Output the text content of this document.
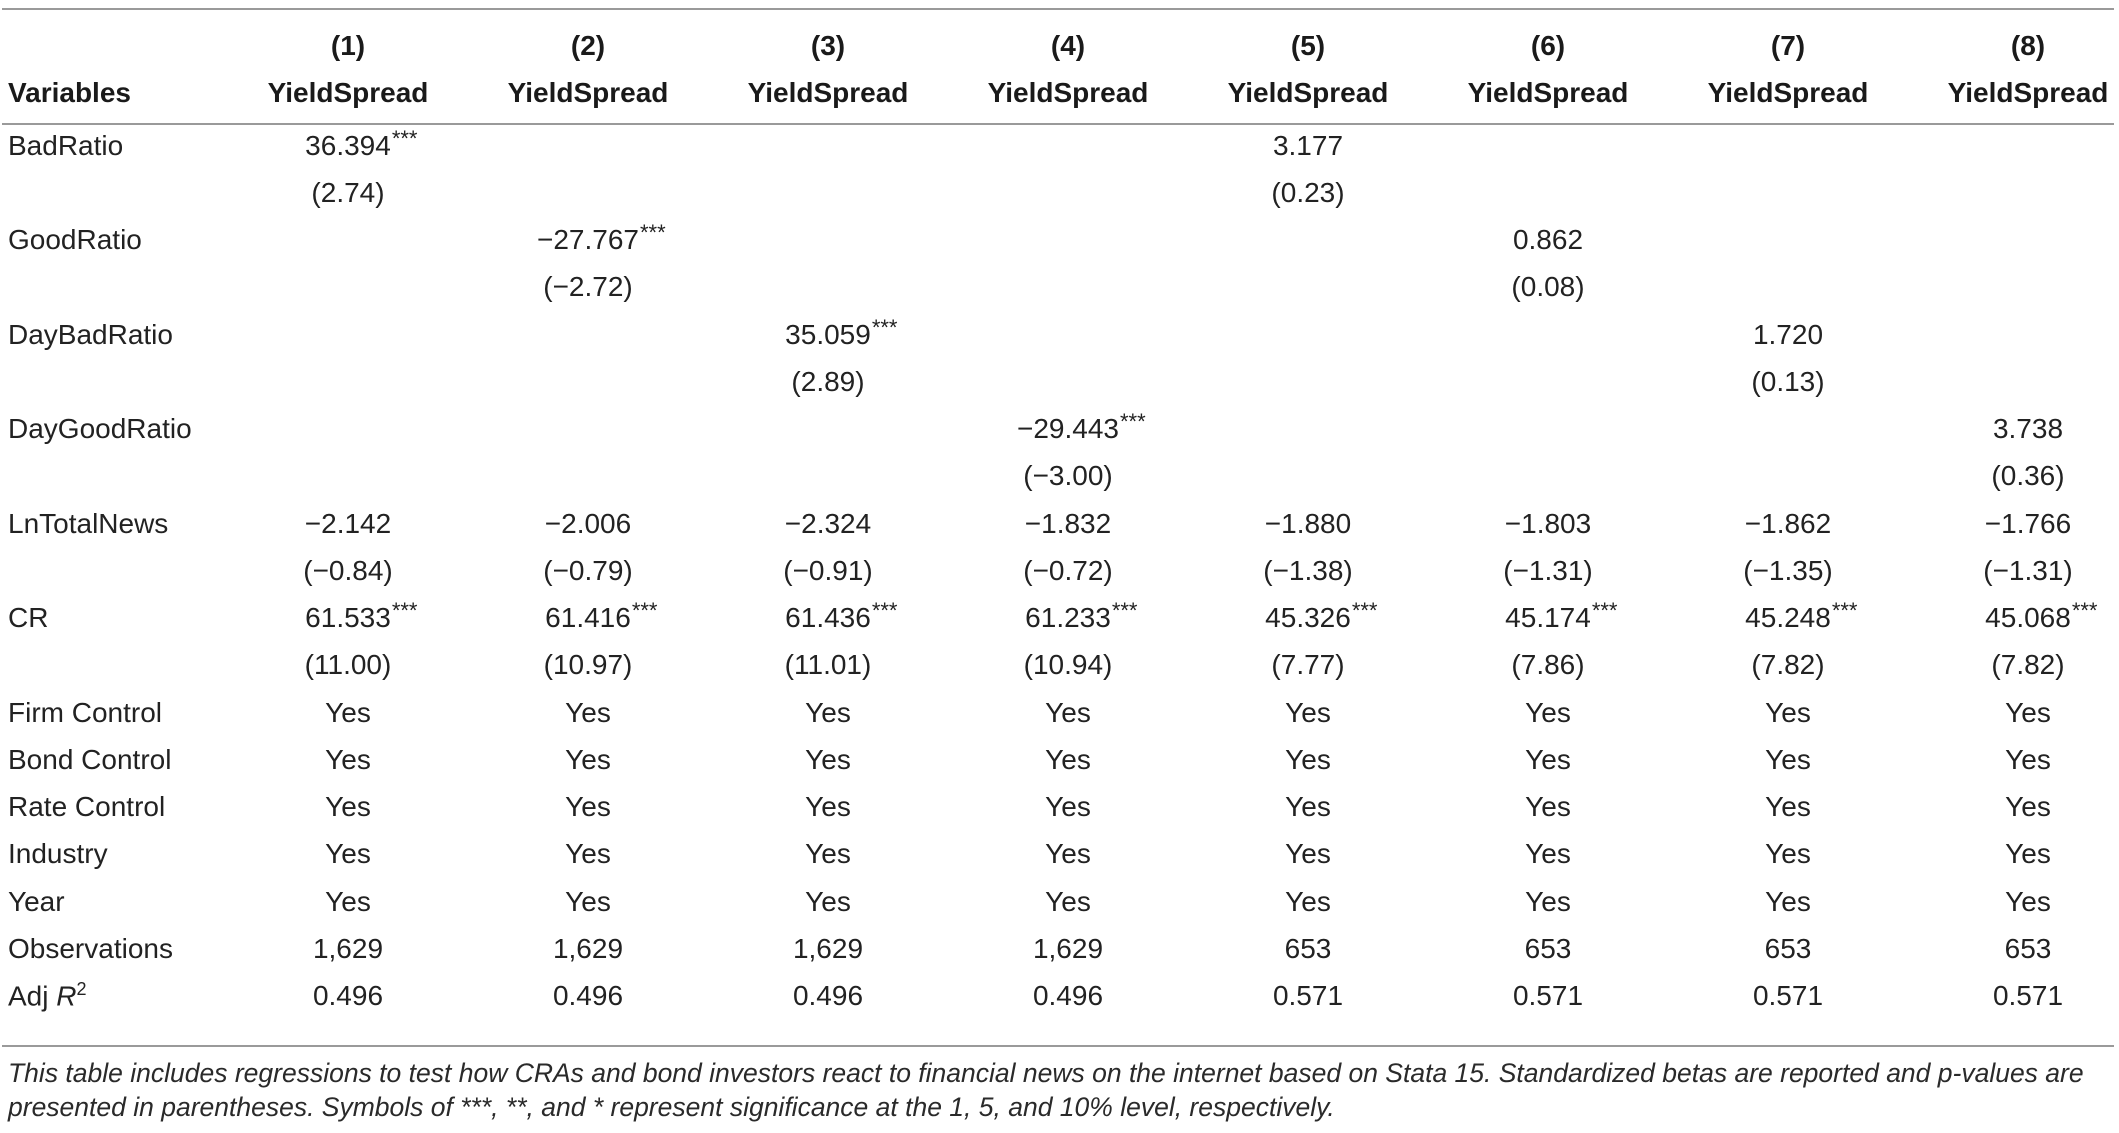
	(1)	(2)	(3)	(4)	(5)	(6)	(7)	(8)
Variables	YieldSpread	YieldSpread	YieldSpread	YieldSpread	YieldSpread	YieldSpread	YieldSpread	YieldSpread
BadRatio	36.394 ***				3.177			
	(2.74)				(0.23)			
GoodRatio		−27.767 ***				0.862		
		(−2.72)				(0.08)		
DayBadRatio			35.059 ***				1.720	
			(2.89)				(0.13)	
DayGoodRatio				−29.443 ***				3.738
				(−3.00)				(0.36)
LnTotalNews	−2.142	−2.006	−2.324	−1.832	−1.880	−1.803	−1.862	−1.766
	(−0.84)	(−0.79)	(−0.91)	(−0.72)	(−1.38)	(−1.31)	(−1.35)	(−1.31)
CR	61.533 ***	61.416 ***	61.436 ***	61.233 ***	45.326 ***	45.174 ***	45.248 ***	45.068 ***

	(11.00)	(10.97)	(11.01)	(10.94)	(7.77)	(7.86)	(7.82)	(7.82)
Firm Control	Yes	Yes	Yes	Yes	Yes	Yes	Yes	Yes
Bond Control	Yes	Yes	Yes	Yes	Yes	Yes	Yes	Yes
Rate Control	Yes	Yes	Yes	Yes	Yes	Yes	Yes	Yes
Industry	Yes	Yes	Yes	Yes	Yes	Yes	Yes	Yes
Year	Yes	Yes	Yes	Yes	Yes	Yes	Yes	Yes
Observations	1,629	1,629	1,629	1,629	653	653	653	653
Adj $R^2$	0.496	0.496	0.496	0.496	0.571	0.571	0.571	0.571
This table includes regressions to test how CRAs and bond investors react to financial news on the internet based on Stata 15. Standardized betas are reported and p-values are presented in parentheses. Symbols of ***, **, and * represent significance at the 1, 5, and 10% level, respectively.
